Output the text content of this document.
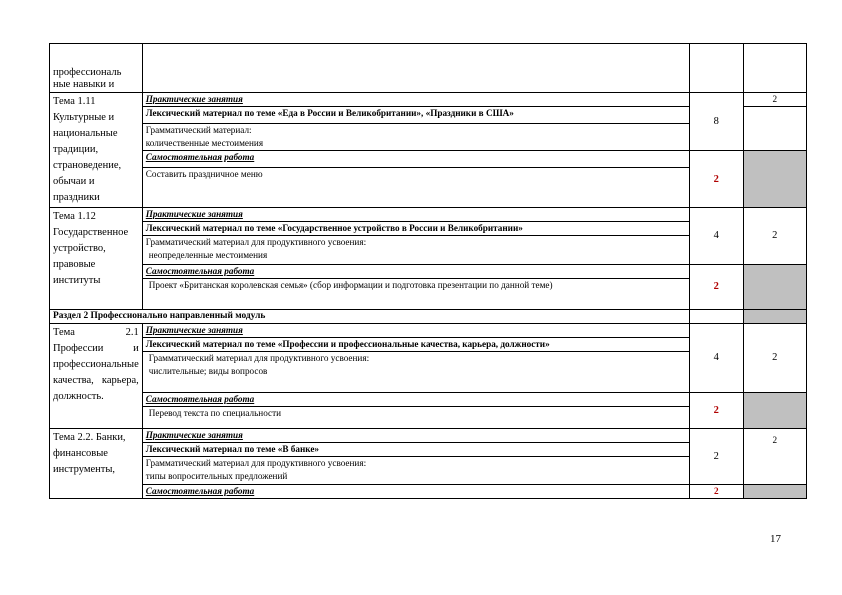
профессиональ ные навыки и			
Тема 1.11 Культурные и национальные традиции, страноведение, обычаи и праздники	Практические занятия	8	2
	Лексический материал по теме «Еда в России и Великобритании», «Праздники в США»		
	Грамматический материал:		
	количественные местоимения		
	Самостоятельная работа	2	
	Составить праздничное меню		
Тема 1.12 Государственное устройство, правовые институты	Практические занятия	4	2
	Лексический материал по теме «Государственное устройство в России и Великобритании»		
	Грамматический материал для продуктивного усвоения:		
	неопределенные местоимения		
	Самостоятельная работа	2	
	Проект «Британская королевская семья» (сбор информации и подготовка презентации по данной теме)		
Раздел 2 Профессионально направленный модуль			
Тема 2.1 Профессии и профессиональные качества, карьера, должность.	Практические занятия	4	2
	Лексический материал по теме «Профессии и профессиональные качества, карьера, должности»		
	Грамматический материал для продуктивного усвоения:		
	числительные; виды вопросов		
	Самостоятельная работа	2	
	Перевод текста по специальности		
Тема 2.2. Банки, финансовые инструменты,	Практические занятия	2	2
	Лексический материал по теме «В банке»		
	Грамматический материал для продуктивного усвоения:		
	типы вопросительных предложений		
	Самостоятельная работа	2	
17
